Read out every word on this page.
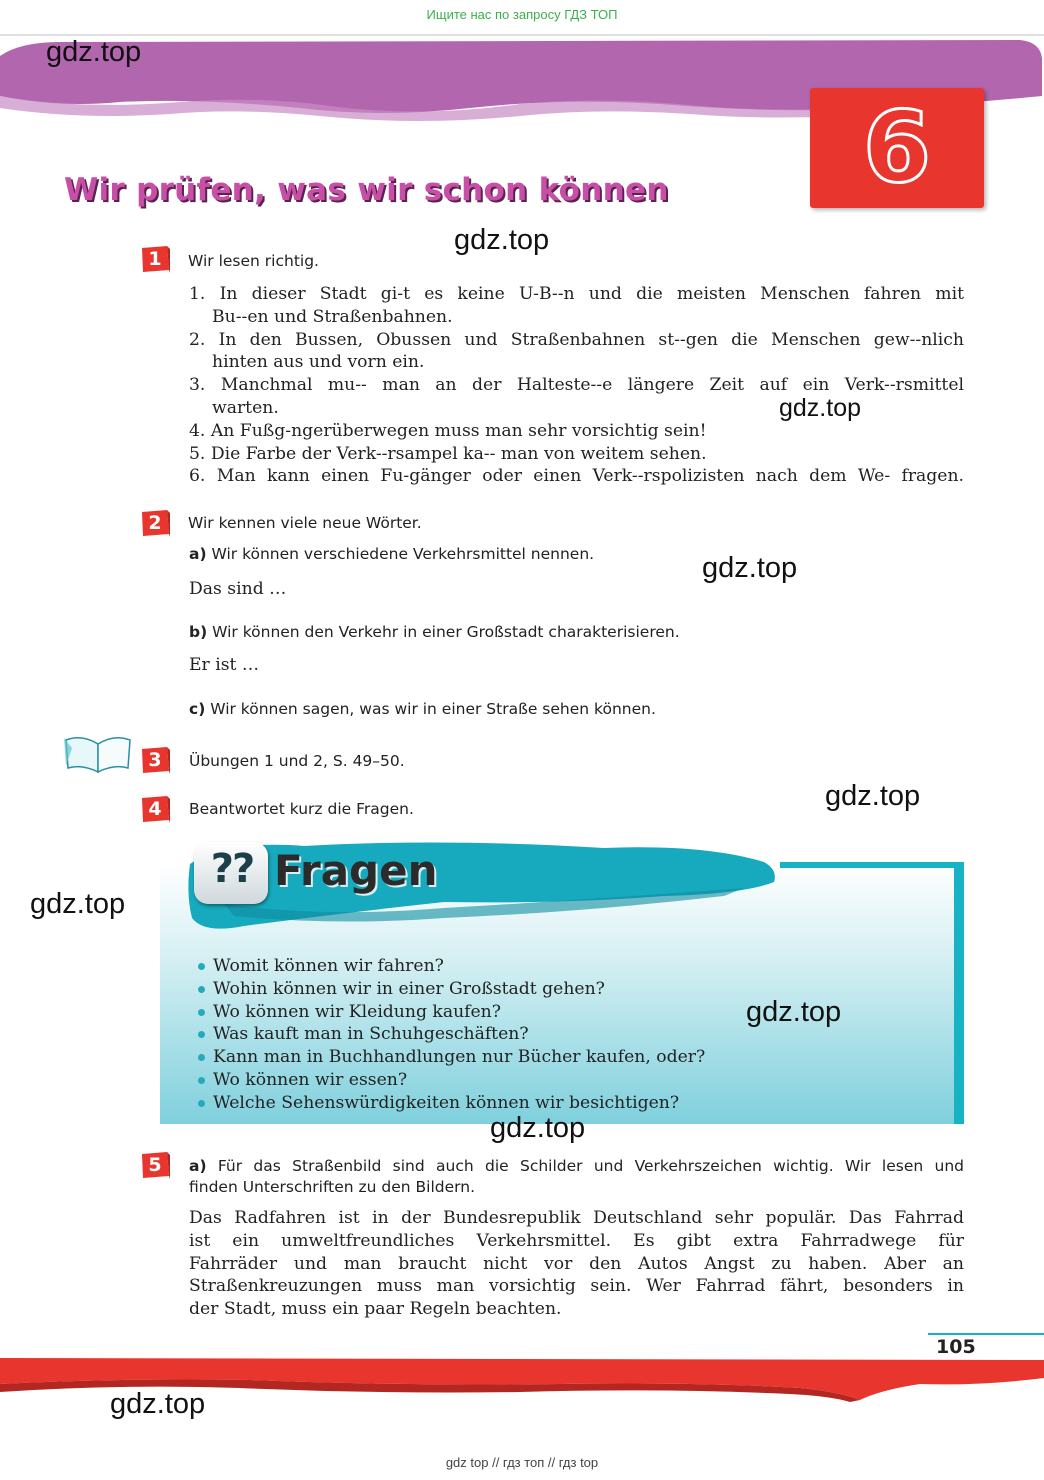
Ищите нас по запросу ГДЗ ТОП
gdz.top
6
Wir prüfen, was wir schon können
gdz.top
1	Wir lesen richtig.
1. In dieser Stadt gi-t es keine U-B--n und die meisten Menschen fahren mit
Bu--en und Straßenbahnen.
2. In den Bussen, Obussen und Straßenbahnen st--gen die Menschen gew--nlich
hinten aus und vorn ein.
3. Manchmal mu-- man an der Halteste--e längere Zeit auf ein Verk--rsmittel
warten.
4. An Fußg-ngerüberwegen muss man sehr vorsichtig sein!
5. Die Farbe der Verk--rsampel ka-- man von weitem sehen.
6. Man kann einen Fu-gänger oder einen Verk--rspolizisten nach dem We- fragen.
gdz.top
2	Wir kennen viele neue Wörter.
a) Wir können verschiedene Verkehrsmittel nennen.
Das sind …
gdz.top
b) Wir können den Verkehr in einer Großstadt charakterisieren.
Er ist …
c) Wir können sagen, was wir in einer Straße sehen können.
3	Übungen 1 und 2, S. 49–50.
4	Beantwortet kurz die Fragen.	gdz.top
?? Fragen
Womit können wir fahren?
Wohin können wir in einer Großstadt gehen?
Wo können wir Kleidung kaufen?
Was kauft man in Schuhgeschäften?
Kann man in Buchhandlungen nur Bücher kaufen, oder?
Wo können wir essen?
Welche Sehenswürdigkeiten können wir besichtigen?
gdz.top
gdz.top
gdz.top
5	a) Für das Straßenbild sind auch die Schilder und Verkehrszeichen wichtig. Wir lesen und
finden Unterschriften zu den Bildern.
Das Radfahren ist in der Bundesrepublik Deutschland sehr populär. Das Fahrrad
ist ein umweltfreundliches Verkehrsmittel. Es gibt extra Fahrradwege für
Fahrräder und man braucht nicht vor den Autos Angst zu haben. Aber an
Straßenkreuzungen muss man vorsichtig sein. Wer Fahrrad fährt, besonders in
der Stadt, muss ein paar Regeln beachten.
105
gdz.top
gdz top // гдз топ // гдз top
